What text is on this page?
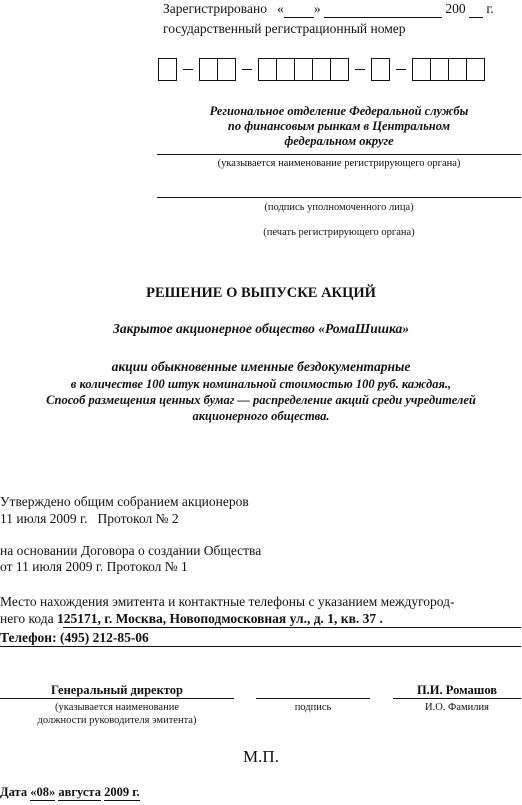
Зарегистрировано « »	200 г.
государственный регистрационный номер
Региональное отделение Федеральной службы
по финансовым рынкам в Центральном
федеральном округе
(указывается наименование регистрирующего органа)
(подпись уполномоченного лица)
(печать регистрирующего органа)
РЕШЕНИЕ О ВЫПУСКЕ АКЦИЙ
Закрытое акционерное общество «РомаШишка»
акции обыкновенные именные бездокументарные
в количестве 100 штук номинальной стоимостью 100 руб. каждая.,
Способ размещения ценных бумаг — распределение акций среди учредителей
акционерного общества.
Утверждено общим собранием акционеров
11 июля 2009 г.   Протокол № 2
на основании Договора о создании Общества
от 11 июля 2009 г. Протокол № 1
Место нахождения эмитента и контактные телефоны с указанием междугород-
него кода 125171, г. Москва, Новоподмосковная ул., д. 1, кв. 37 .
Телефон: (495) 212-85-06
Генеральный директор
(указывается наименование
должности руководителя эмитента)
подпись
П.И. Ромашов
И.О. Фамилия
М.П.
Дата «08» августа 2009 г.
